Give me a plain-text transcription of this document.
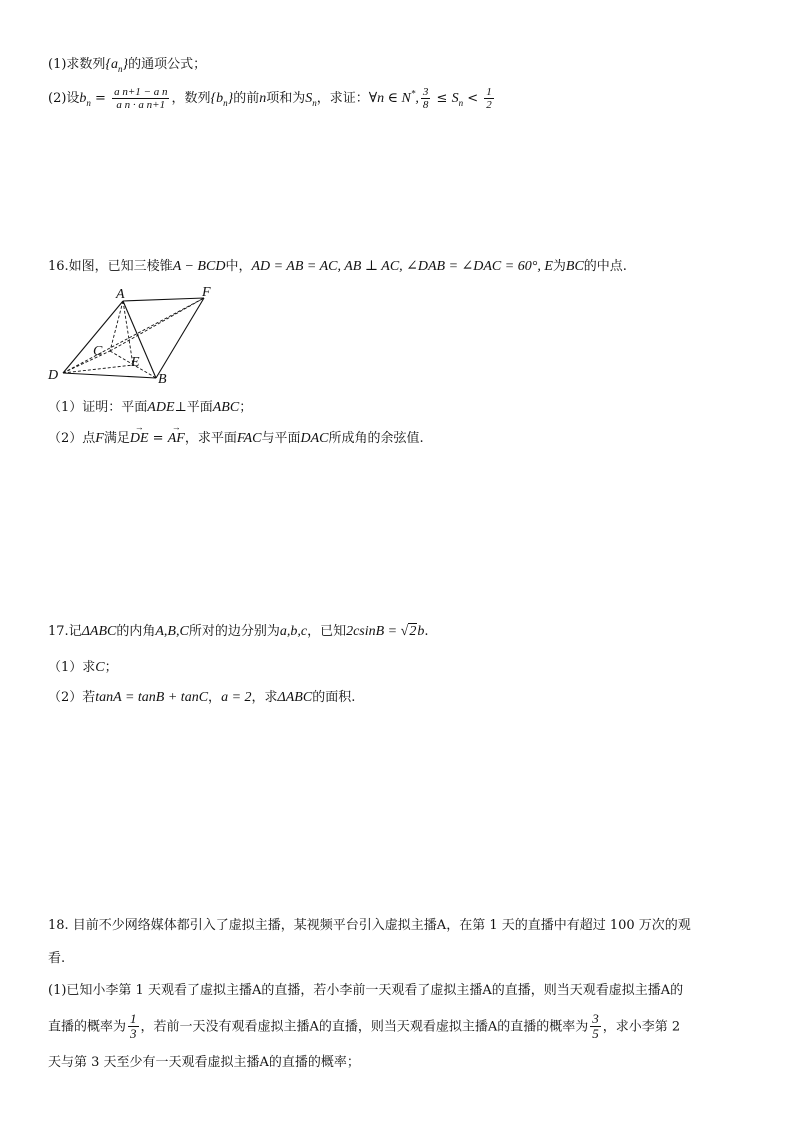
(1)求数列$\{a_n\}$的通项公式；
(2)设$b_n = \frac{\text{a n+1 − a n}}{\text{a n · a n+1}}$ ，数列$\{b_n\}$的前n项和为$S_n$，求证：∀n ∈ N*, $\frac{3}{8} \le S_n < \frac{1}{2}$
16.如图，已知三棱锥A − BCD中，AD = AB = AC, AB ⊥ AC, ∠DAB = ∠DAC = 60°, E为BC的中点.
A	F
C
E
D	B
（1）证明：平面ADE⊥平面ABC；
（2）点F满足→ DE = → AF，求平面FAC与平面DAC所成角的余弦值.
17.记ΔABC的内角A,B,C所对的边分别为a,b,c，已知2csinB = √2b.
（1）求C；
（2）若tanA = tanB + tanC，a = 2，求ΔABC的面积.
18. 目前不少网络媒体都引入了虚拟主播，某视频平台引入虚拟主播A，在第 1 天的直播中有超过 100 万次的观
看.
(1)已知小李第 1 天观看了虚拟主播A的直播，若小李前一天观看了虚拟主播A的直播，则当天观看虚拟主播A的
直播的概率为 $\frac{1}{3}$ ，若前一天没有观看虚拟主播A的直播，则当天观看虚拟主播A的直播的概率为 $\frac{3}{5}$ ，求小李第 2
天与第 3 天至少有一天观看虚拟主播A的直播的概率；
